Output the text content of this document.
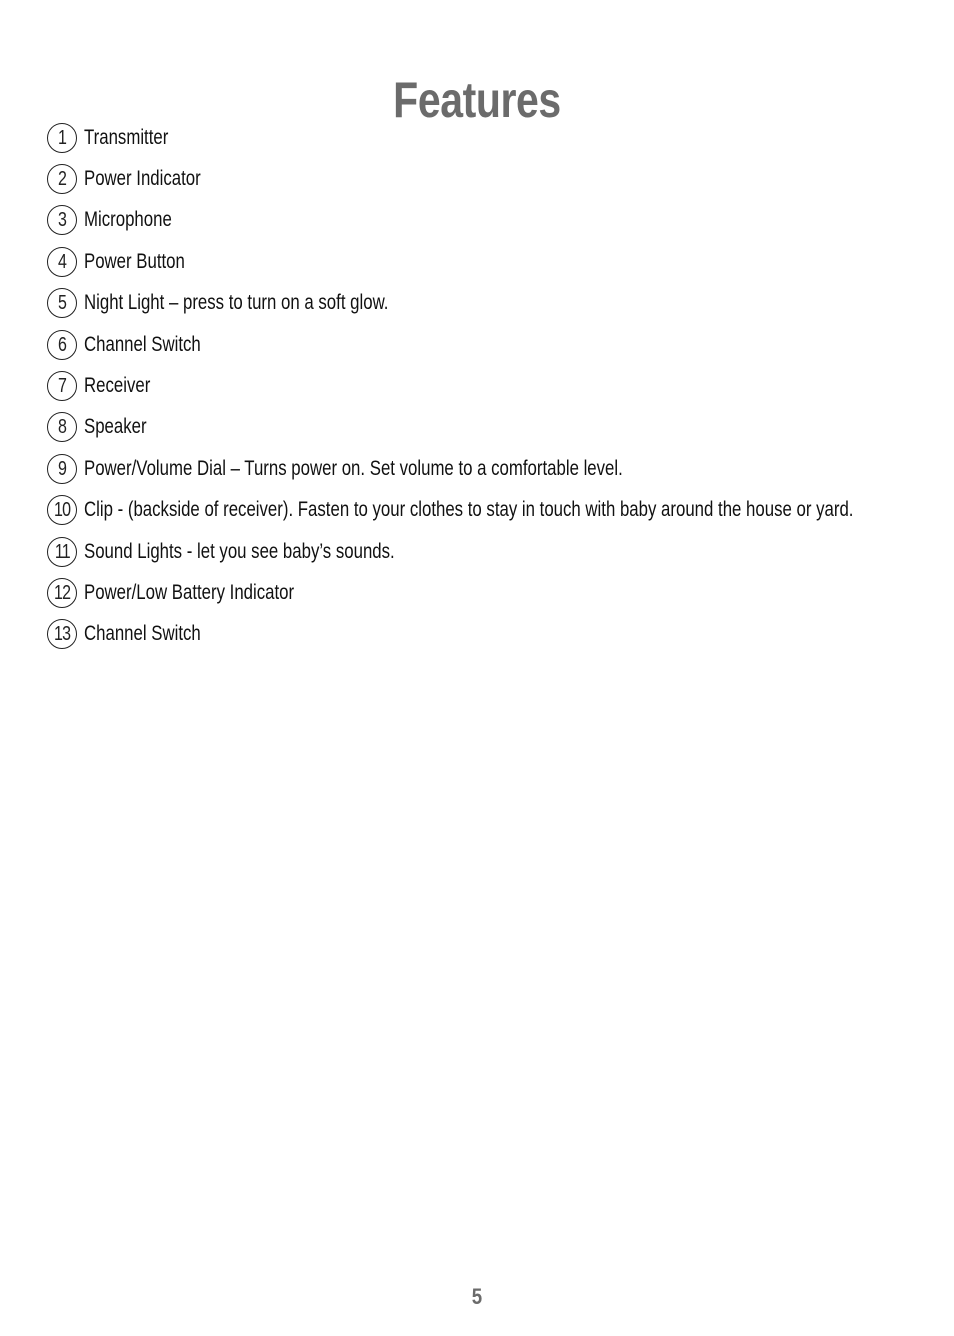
Features
1 Transmitter
2 Power Indicator
3 Microphone
4 Power Button
5 Night Light – press to turn on a soft glow.
6 Channel Switch
7 Receiver
8 Speaker
9 Power/Volume Dial – Turns power on. Set volume to a comfortable level.
10 Clip - (backside of receiver). Fasten to your clothes to stay in touch with baby around the house or yard.
11 Sound Lights - let you see baby’s sounds.
12 Power/Low Battery Indicator
13 Channel Switch
5
